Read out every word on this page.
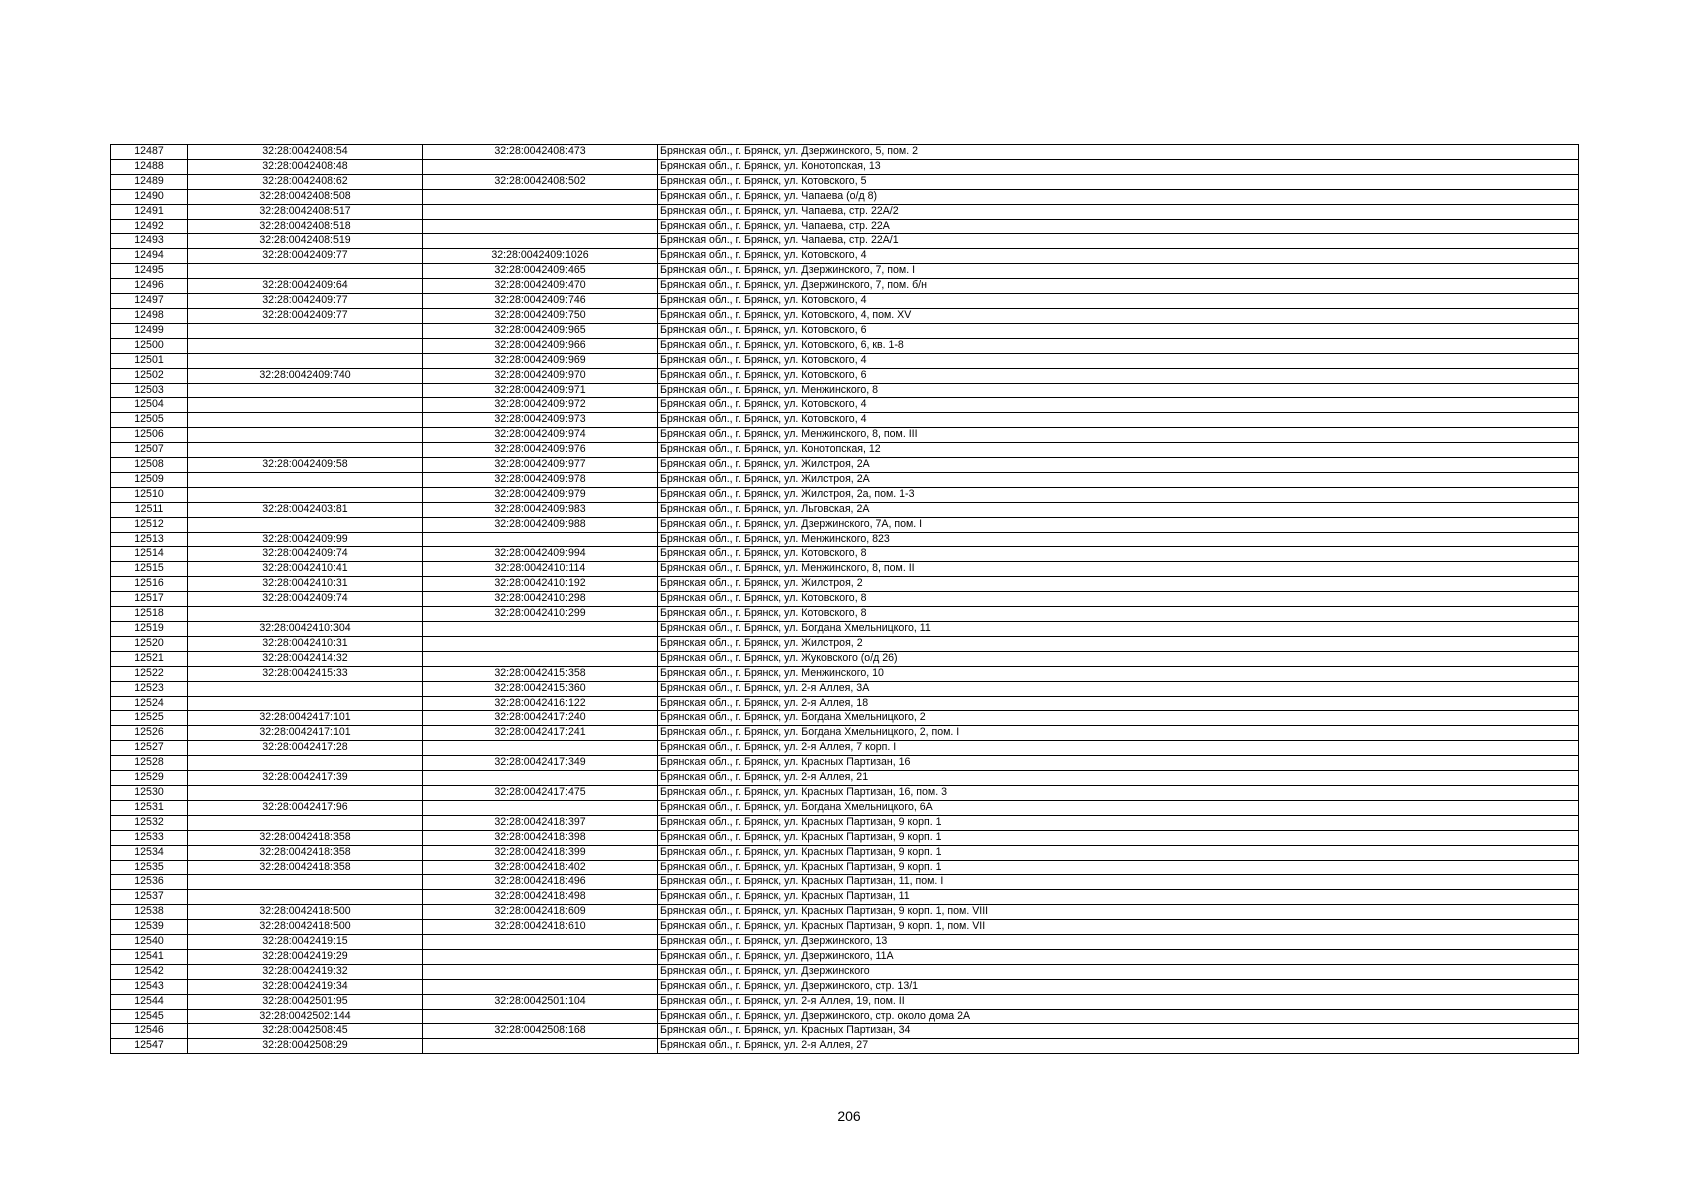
12487	32:28:0042408:54	32:28:0042408:473	Брянская обл., г. Брянск, ул. Дзержинского, 5, пом. 2
12488	32:28:0042408:48		Брянская обл., г. Брянск, ул. Конотопская, 13
12489	32:28:0042408:62	32:28:0042408:502	Брянская обл., г. Брянск, ул. Котовского, 5
12490	32:28:0042408:508		Брянская обл., г. Брянск, ул. Чапаева (о/д 8)
12491	32:28:0042408:517		Брянская обл., г. Брянск, ул. Чапаева, стр. 22А/2
12492	32:28:0042408:518		Брянская обл., г. Брянск, ул. Чапаева, стр. 22А
12493	32:28:0042408:519		Брянская обл., г. Брянск, ул. Чапаева, стр. 22А/1
12494	32:28:0042409:77	32:28:0042409:1026	Брянская обл., г. Брянск, ул. Котовского, 4
12495		32:28:0042409:465	Брянская обл., г. Брянск, ул. Дзержинского, 7, пом. I
12496	32:28:0042409:64	32:28:0042409:470	Брянская обл., г. Брянск, ул. Дзержинского, 7, пом. б/н
12497	32:28:0042409:77	32:28:0042409:746	Брянская обл., г. Брянск, ул. Котовского, 4
12498	32:28:0042409:77	32:28:0042409:750	Брянская обл., г. Брянск, ул. Котовского, 4, пом. XV
12499		32:28:0042409:965	Брянская обл., г. Брянск, ул. Котовского, 6
12500		32:28:0042409:966	Брянская обл., г. Брянск, ул. Котовского, 6, кв. 1-8
12501		32:28:0042409:969	Брянская обл., г. Брянск, ул. Котовского, 4
12502	32:28:0042409:740	32:28:0042409:970	Брянская обл., г. Брянск, ул. Котовского, 6
12503		32:28:0042409:971	Брянская обл., г. Брянск, ул. Менжинского, 8
12504		32:28:0042409:972	Брянская обл., г. Брянск, ул. Котовского, 4
12505		32:28:0042409:973	Брянская обл., г. Брянск, ул. Котовского, 4
12506		32:28:0042409:974	Брянская обл., г. Брянск, ул. Менжинского, 8, пом. III
12507		32:28:0042409:976	Брянская обл., г. Брянск, ул. Конотопская, 12
12508	32:28:0042409:58	32:28:0042409:977	Брянская обл., г. Брянск, ул. Жилстроя, 2А
12509		32:28:0042409:978	Брянская обл., г. Брянск, ул. Жилстроя, 2А
12510		32:28:0042409:979	Брянская обл., г. Брянск, ул. Жилстроя, 2а, пом. 1-3
12511	32:28:0042403:81	32:28:0042409:983	Брянская обл., г. Брянск, ул. Льговская, 2А
12512		32:28:0042409:988	Брянская обл., г. Брянск, ул. Дзержинского, 7А, пом. I
12513	32:28:0042409:99		Брянская обл., г. Брянск, ул. Менжинского, 823
12514	32:28:0042409:74	32:28:0042409:994	Брянская обл., г. Брянск, ул. Котовского, 8
12515	32:28:0042410:41	32:28:0042410:114	Брянская обл., г. Брянск, ул. Менжинского, 8, пом. II
12516	32:28:0042410:31	32:28:0042410:192	Брянская обл., г. Брянск, ул. Жилстроя, 2
12517	32:28:0042409:74	32:28:0042410:298	Брянская обл., г. Брянск, ул. Котовского, 8
12518		32:28:0042410:299	Брянская обл., г. Брянск, ул. Котовского, 8
12519	32:28:0042410:304		Брянская обл., г. Брянск, ул. Богдана Хмельницкого, 11
12520	32:28:0042410:31		Брянская обл., г. Брянск, ул. Жилстроя, 2
12521	32:28:0042414:32		Брянская обл., г. Брянск, ул. Жуковского (о/д 26)
12522	32:28:0042415:33	32:28:0042415:358	Брянская обл., г. Брянск, ул. Менжинского, 10
12523		32:28:0042415:360	Брянская обл., г. Брянск, ул. 2-я Аллея, 3А
12524		32:28:0042416:122	Брянская обл., г. Брянск, ул. 2-я Аллея, 18
12525	32:28:0042417:101	32:28:0042417:240	Брянская обл., г. Брянск, ул. Богдана Хмельницкого, 2
12526	32:28:0042417:101	32:28:0042417:241	Брянская обл., г. Брянск, ул. Богдана Хмельницкого, 2, пом. I
12527	32:28:0042417:28		Брянская обл., г. Брянск, ул. 2-я Аллея, 7 корп. I
12528		32:28:0042417:349	Брянская обл., г. Брянск, ул. Красных Партизан, 16
12529	32:28:0042417:39		Брянская обл., г. Брянск, ул. 2-я Аллея, 21
12530		32:28:0042417:475	Брянская обл., г. Брянск, ул. Красных Партизан, 16, пом. 3
12531	32:28:0042417:96		Брянская обл., г. Брянск, ул. Богдана Хмельницкого, 6А
12532		32:28:0042418:397	Брянская обл., г. Брянск, ул. Красных Партизан, 9 корп. 1
12533	32:28:0042418:358	32:28:0042418:398	Брянская обл., г. Брянск, ул. Красных Партизан, 9 корп. 1
12534	32:28:0042418:358	32:28:0042418:399	Брянская обл., г. Брянск, ул. Красных Партизан, 9 корп. 1
12535	32:28:0042418:358	32:28:0042418:402	Брянская обл., г. Брянск, ул. Красных Партизан, 9 корп. 1
12536		32:28:0042418:496	Брянская обл., г. Брянск, ул. Красных Партизан, 11, пом. I
12537		32:28:0042418:498	Брянская обл., г. Брянск, ул. Красных Партизан, 11
12538	32:28:0042418:500	32:28:0042418:609	Брянская обл., г. Брянск, ул. Красных Партизан, 9 корп. 1, пом. VIII
12539	32:28:0042418:500	32:28:0042418:610	Брянская обл., г. Брянск, ул. Красных Партизан, 9 корп. 1, пом. VII
12540	32:28:0042419:15		Брянская обл., г. Брянск, ул. Дзержинского, 13
12541	32:28:0042419:29		Брянская обл., г. Брянск, ул. Дзержинского, 11А
12542	32:28:0042419:32		Брянская обл., г. Брянск, ул. Дзержинского
12543	32:28:0042419:34		Брянская обл., г. Брянск, ул. Дзержинского, стр. 13/1
12544	32:28:0042501:95	32:28:0042501:104	Брянская обл., г. Брянск, ул. 2-я Аллея, 19, пом. II
12545	32:28:0042502:144		Брянская обл., г. Брянск, ул. Дзержинского, стр. около дома 2А
12546	32:28:0042508:45	32:28:0042508:168	Брянская обл., г. Брянск, ул. Красных Партизан, 34
12547	32:28:0042508:29		Брянская обл., г. Брянск, ул. 2-я Аллея, 27
206
